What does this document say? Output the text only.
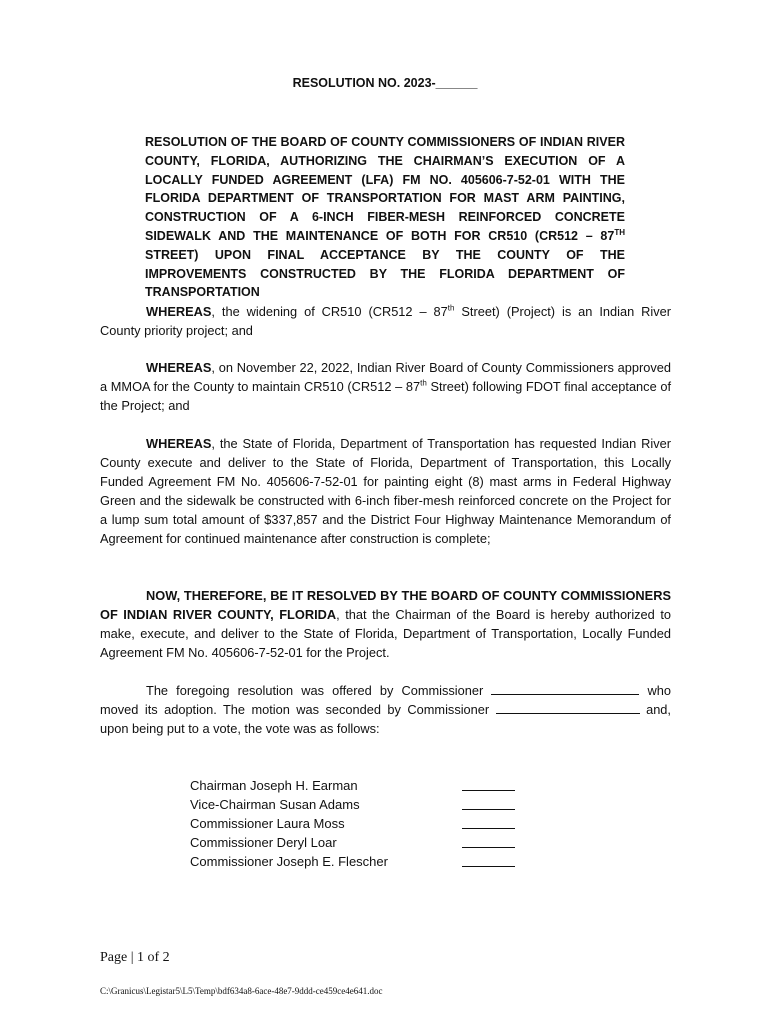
RESOLUTION NO. 2023-______
RESOLUTION OF THE BOARD OF COUNTY COMMISSIONERS OF INDIAN RIVER COUNTY, FLORIDA, AUTHORIZING THE CHAIRMAN’S EXECUTION OF A LOCALLY FUNDED AGREEMENT (LFA) FM NO. 405606-7-52-01 WITH THE FLORIDA DEPARTMENT OF TRANSPORTATION FOR MAST ARM PAINTING, CONSTRUCTION OF A 6-INCH FIBER-MESH REINFORCED CONCRETE SIDEWALK AND THE MAINTENANCE OF BOTH FOR CR510 (CR512 – 87TH STREET) UPON FINAL ACCEPTANCE BY THE COUNTY OF THE IMPROVEMENTS CONSTRUCTED BY THE FLORIDA DEPARTMENT OF TRANSPORTATION

WHEREAS, the widening of CR510 (CR512 – 87th Street) (Project) is an Indian River County priority project; and

WHEREAS, on November 22, 2022, Indian River Board of County Commissioners approved a MMOA for the County to maintain CR510 (CR512 – 87th Street) following FDOT final acceptance of the Project; and

WHEREAS, the State of Florida, Department of Transportation has requested Indian River County execute and deliver to the State of Florida, Department of Transportation, this Locally Funded Agreement FM No. 405606-7-52-01 for painting eight (8) mast arms in Federal Highway Green and the sidewalk be constructed with 6-inch fiber-mesh reinforced concrete on the Project for a lump sum total amount of $337,857 and the District Four Highway Maintenance Memorandum of Agreement for continued maintenance after construction is complete;

NOW, THEREFORE, BE IT RESOLVED BY THE BOARD OF COUNTY COMMISSIONERS OF INDIAN RIVER COUNTY, FLORIDA, that the Chairman of the Board is hereby authorized to make, execute, and deliver to the State of Florida, Department of Transportation, Locally Funded Agreement FM No. 405606-7-52-01 for the Project.

The foregoing resolution was offered by Commissioner	who moved its adoption. The motion was seconded by Commissioner	and, upon being put to a vote, the vote was as follows:

Chairman Joseph H. Earman
Vice-Chairman Susan Adams
Commissioner Laura Moss
Commissioner Deryl Loar
Commissioner Joseph E. Flescher
Page | 1 of 2
C:\Granicus\Legistar5\L5\Temp\bdf634a8-6ace-48e7-9ddd-ce459ce4e641.doc
